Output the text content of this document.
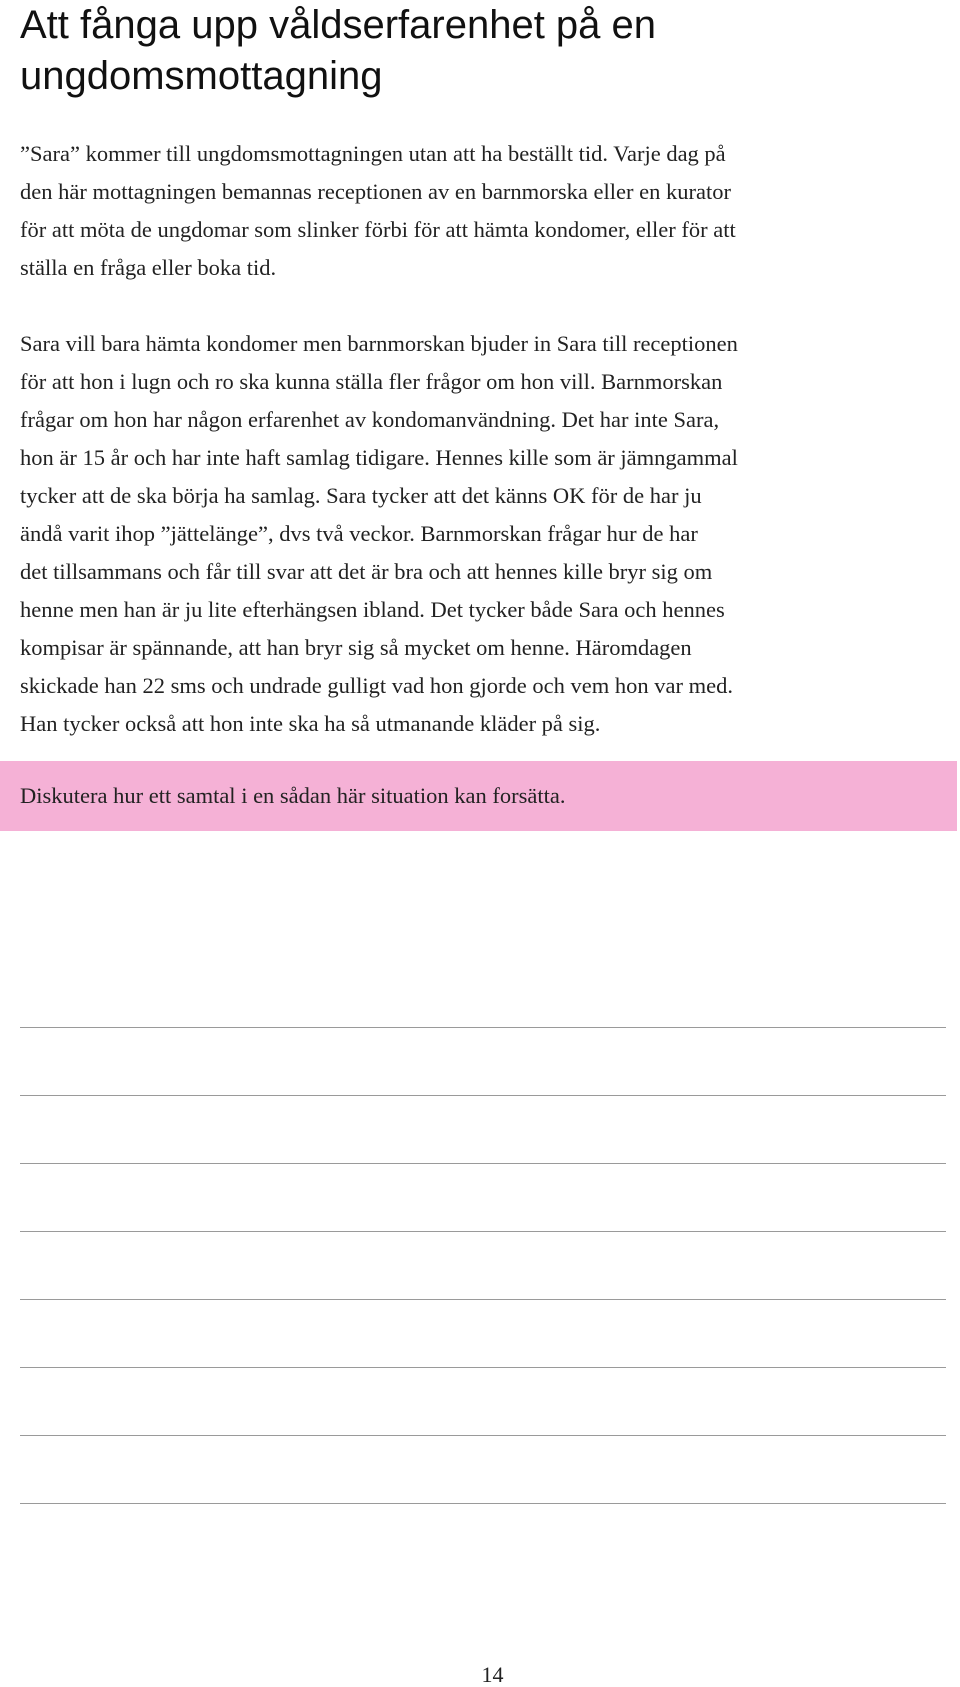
Att fånga upp våldserfarenhet på en ungdomsmottagning

”Sara” kommer till ungdomsmottagningen utan att ha beställt tid. Varje dag på
den här mottagningen bemannas receptionen av en barnmorska eller en kurator
för att möta de ungdomar som slinker förbi för att hämta kondomer, eller för att
ställa en fråga eller boka tid.

Sara vill bara hämta kondomer men barnmorskan bjuder in Sara till receptionen
för att hon i lugn och ro ska kunna ställa fler frågor om hon vill. Barnmorskan
frågar om hon har någon erfarenhet av kondomanvändning. Det har inte Sara,
hon är 15 år och har inte haft samlag tidigare. Hennes kille som är jämngammal
tycker att de ska börja ha samlag. Sara tycker att det känns OK för de har ju
ändå varit ihop ”jättelänge”, dvs två veckor. Barnmorskan frågar hur de har
det tillsammans och får till svar att det är bra och att hennes kille bryr sig om
henne men han är ju lite efterhängsen ibland. Det tycker både Sara och hennes
kompisar är spännande, att han bryr sig så mycket om henne. Häromdagen
skickade han 22 sms och undrade gulligt vad hon gjorde och vem hon var med.
Han tycker också att hon inte ska ha så utmanande kläder på sig.

Diskutera hur ett samtal i en sådan här situation kan forsätta.

14
